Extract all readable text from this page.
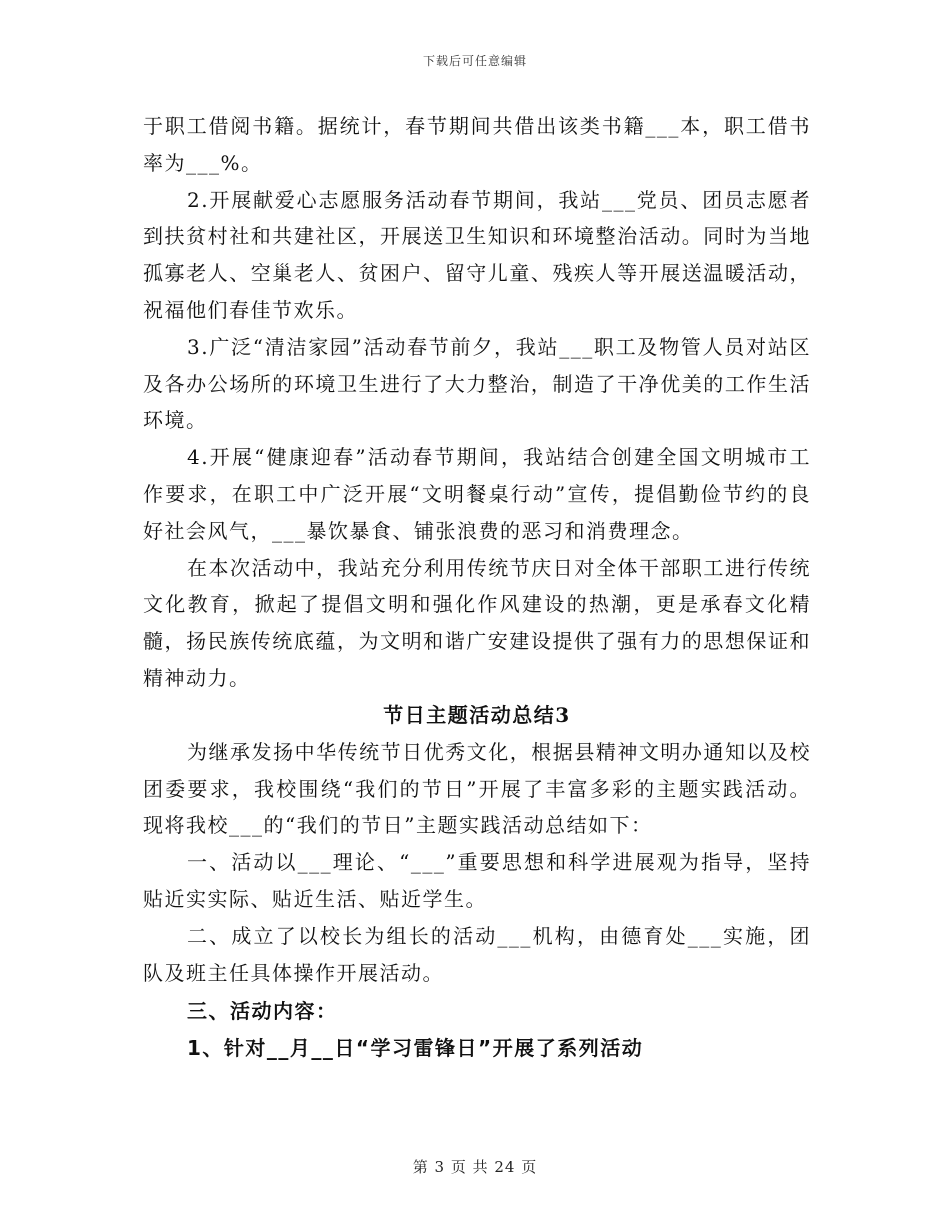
下载后可任意编辑

于职工借阅书籍。据统计，春节期间共借出该类书籍___本，职工借书率为___%。

2.开展献爱心志愿服务活动春节期间，我站___党员、团员志愿者到扶贫村社和共建社区，开展送卫生知识和环境整治活动。同时为当地孤寡老人、空巢老人、贫困户、留守儿童、残疾人等开展送温暖活动，祝福他们春佳节欢乐。

3.广泛“清洁家园”活动春节前夕，我站___职工及物管人员对站区及各办公场所的环境卫生进行了大力整治，制造了干净优美的工作生活环境。

4.开展“健康迎春”活动春节期间，我站结合创建全国文明城市工作要求，在职工中广泛开展“文明餐桌行动”宣传，提倡勤俭节约的良好社会风气，___暴饮暴食、铺张浪费的恶习和消费理念。

在本次活动中，我站充分利用传统节庆日对全体干部职工进行传统文化教育，掀起了提倡文明和强化作风建设的热潮，更是承春文化精髓，扬民族传统底蕴，为文明和谐广安建设提供了强有力的思想保证和精神动力。

节日主题活动总结3

为继承发扬中华传统节日优秀文化，根据县精神文明办通知以及校团委要求，我校围绕“我们的节日”开展了丰富多彩的主题实践活动。现将我校___的“我们的节日”主题实践活动总结如下：

一、活动以___理论、“___”重要思想和科学进展观为指导，坚持贴近实实际、贴近生活、贴近学生。

二、成立了以校长为组长的活动___机构，由德育处___实施，团队及班主任具体操作开展活动。

三、活动内容：

1、针对__月__日“学习雷锋日”开展了系列活动

第 3 页 共 24 页
